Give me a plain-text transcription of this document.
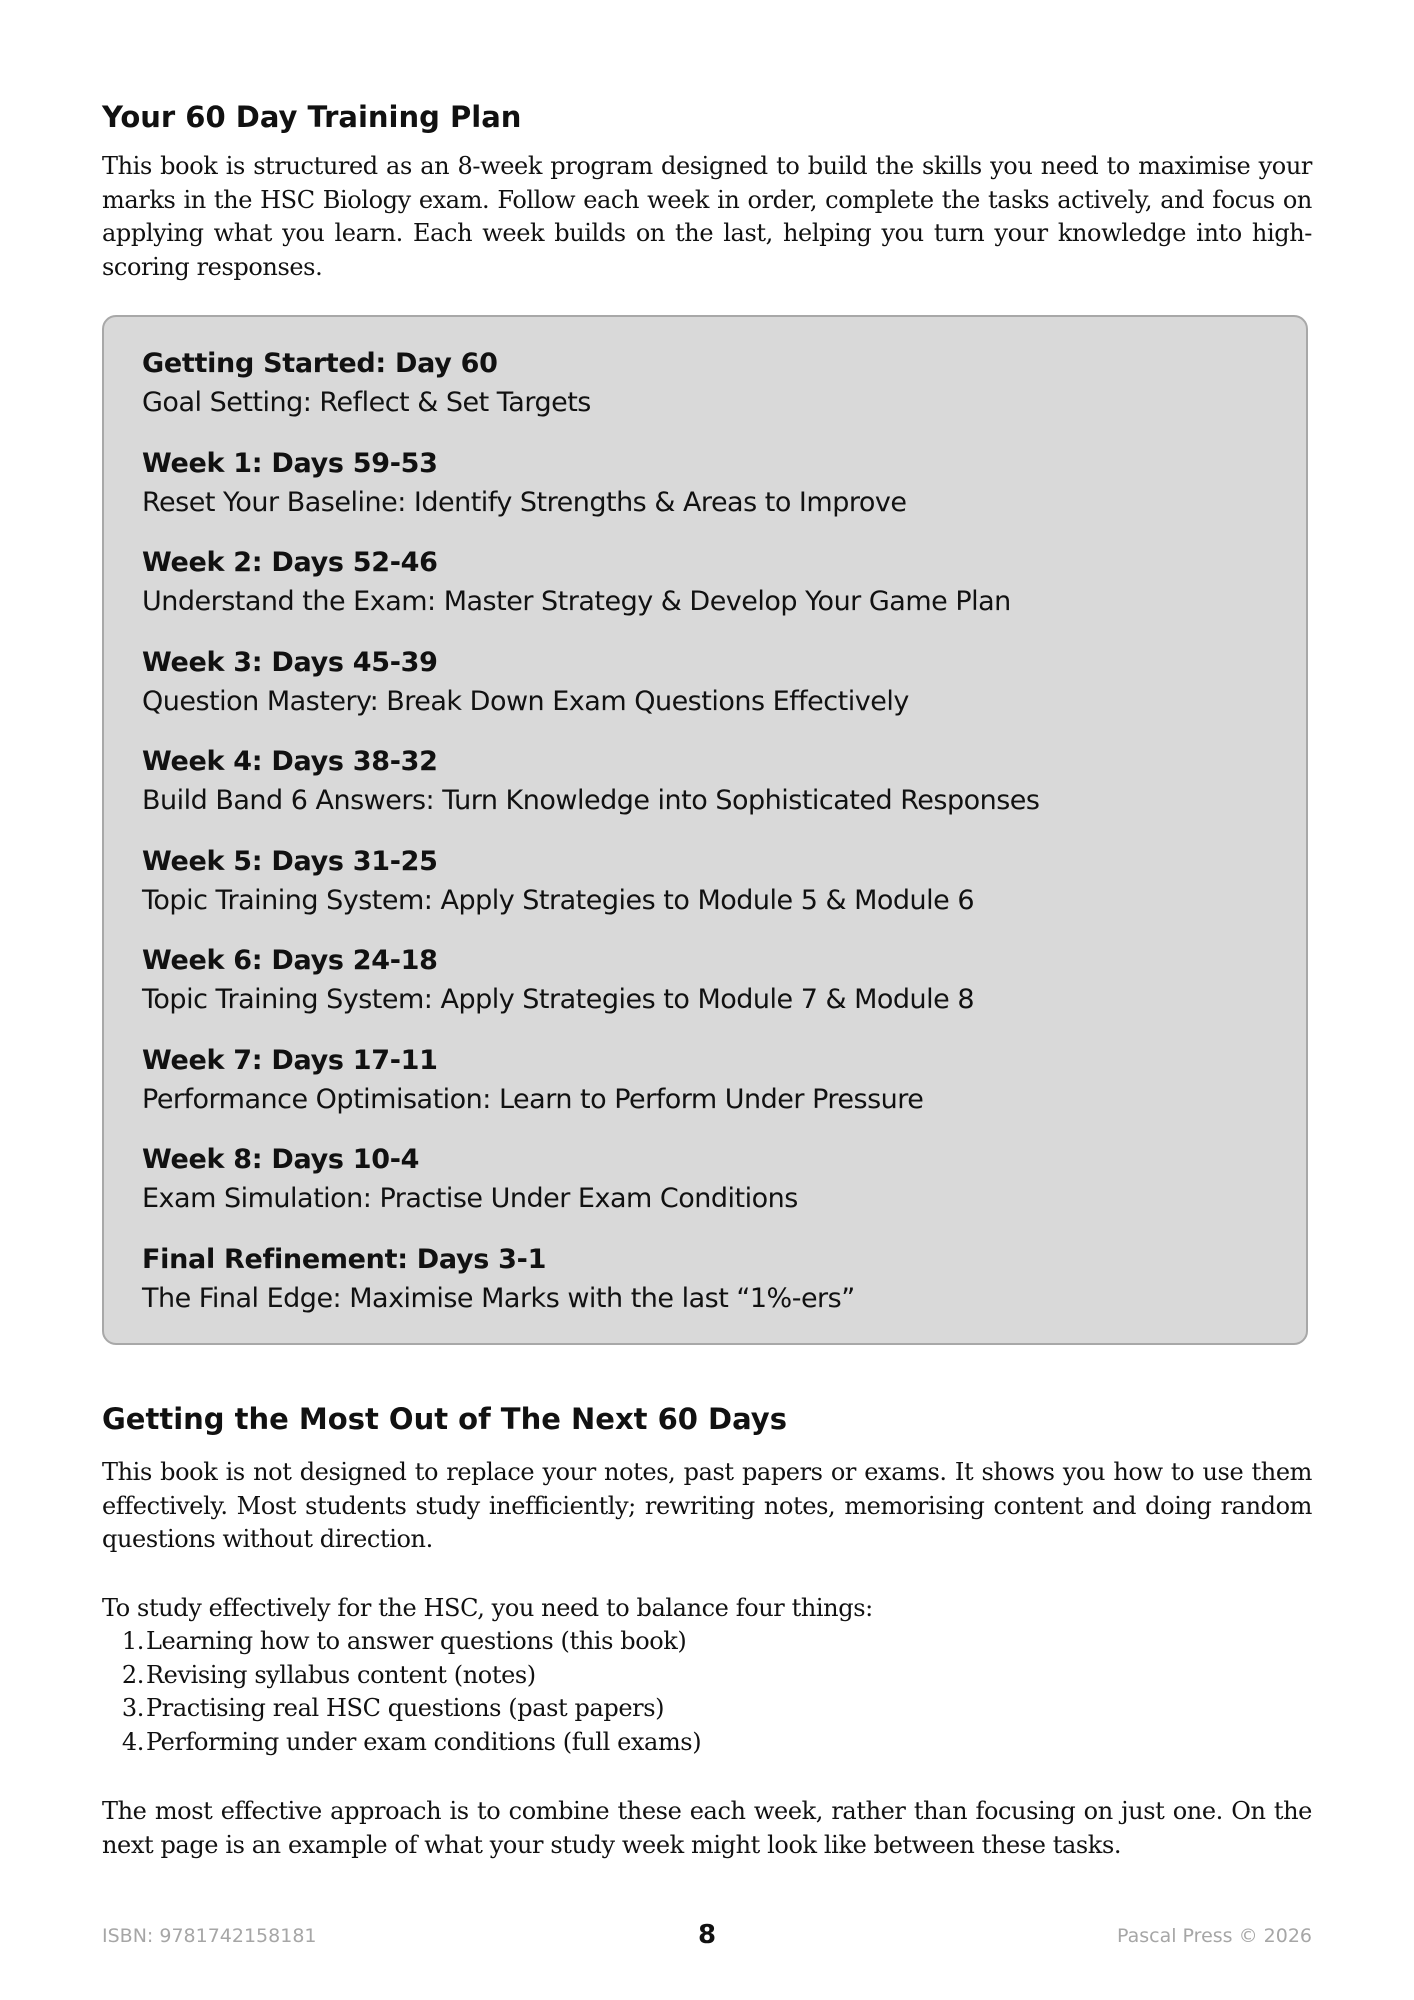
Your 60 Day Training Plan

This book is structured as an 8-week program designed to build the skills you need to maximise your marks in the HSC Biology exam. Follow each week in order, complete the tasks actively, and focus on applying what you learn. Each week builds on the last, helping you turn your knowledge into high-scoring responses.

Getting Started: Day 60
Goal Setting: Reflect & Set Targets
Week 1: Days 59-53
Reset Your Baseline: Identify Strengths & Areas to Improve
Week 2: Days 52-46
Understand the Exam: Master Strategy & Develop Your Game Plan
Week 3: Days 45-39
Question Mastery: Break Down Exam Questions Effectively
Week 4: Days 38-32
Build Band 6 Answers: Turn Knowledge into Sophisticated Responses
Week 5: Days 31-25
Topic Training System: Apply Strategies to Module 5 & Module 6
Week 6: Days 24-18
Topic Training System: Apply Strategies to Module 7 & Module 8
Week 7: Days 17-11
Performance Optimisation: Learn to Perform Under Pressure
Week 8: Days 10-4
Exam Simulation: Practise Under Exam Conditions
Final Refinement: Days 3-1
The Final Edge: Maximise Marks with the last “1%-ers”
Getting the Most Out of The Next 60 Days

This book is not designed to replace your notes, past papers or exams. It shows you how to use them effectively. Most students study inefficiently; rewriting notes, memorising content and doing random questions without direction.

To study effectively for the HSC, you need to balance four things:

1. Learning how to answer questions (this book)
2. Revising syllabus content (notes)
3. Practising real HSC questions (past papers)
4. Performing under exam conditions (full exams)

The most effective approach is to combine these each week, rather than focusing on just one. On the next page is an example of what your study week might look like between these tasks.

ISBN: 9781742158181	8	Pascal Press © 2026
